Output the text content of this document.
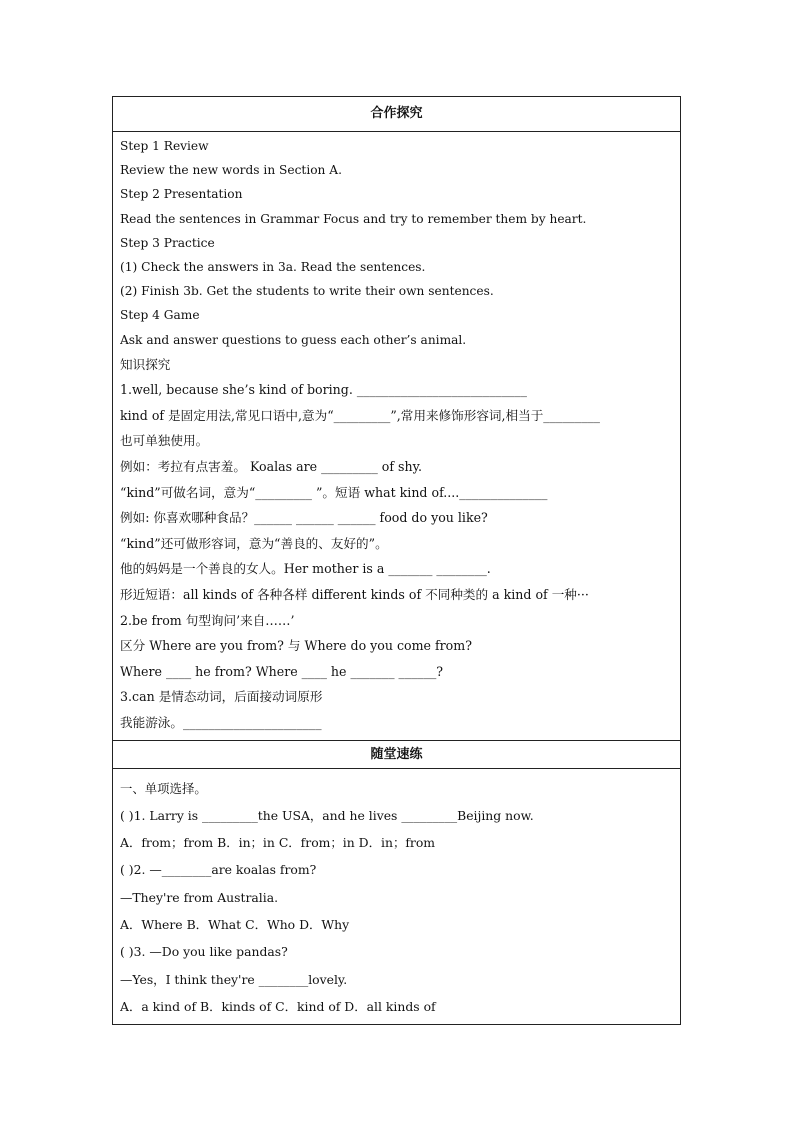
合作探究
Step 1 Review
Review the new words in Section A.
Step 2 Presentation
Read the sentences in Grammar Focus and try to remember them by heart.
Step 3 Practice
(1) Check the answers in 3a. Read the sentences.
(2) Finish 3b. Get the students to write their own sentences.
Step 4 Game
Ask and answer questions to guess each other’s animal.
知识探究
1.well, because she’s kind of boring. ___________________________
kind of 是固定用法,常见口语中,意为“_________”,常用来修饰形容词,相当于_________
也可单独使用。
例如：考拉有点害羞。 Koalas are _________ of shy.
“kind”可做名词，意为“_________ ”。短语 what kind of....______________
例如: 你喜欢哪种食品？______ ______ ______ food do you like?
“kind”还可做形容词，意为“善良的、友好的”。
他的妈妈是一个善良的女人。Her mother is a _______ ________.
形近短语：all kinds of 各种各样 different kinds of 不同种类的 a kind of 一种···
2.be from 句型询问’来自……’
区分 Where are you from? 与 Where do you come from?
Where ____ he from? Where ____ he _______ ______?
3.can 是情态动词，后面接动词原形
我能游泳。______________________
随堂速练
一、单项选择。
( )1. Larry is _________the USA，and he lives _________Beijing now.
A．from；from B．in；in C．from；in D．in；from
( )2. —________are koalas from?
—They're from Australia.
A．Where B．What C．Who D．Why
( )3. —Do you like pandas?
—Yes，I think they're ________lovely.
A．a kind of B．kinds of C．kind of D．all kinds of
